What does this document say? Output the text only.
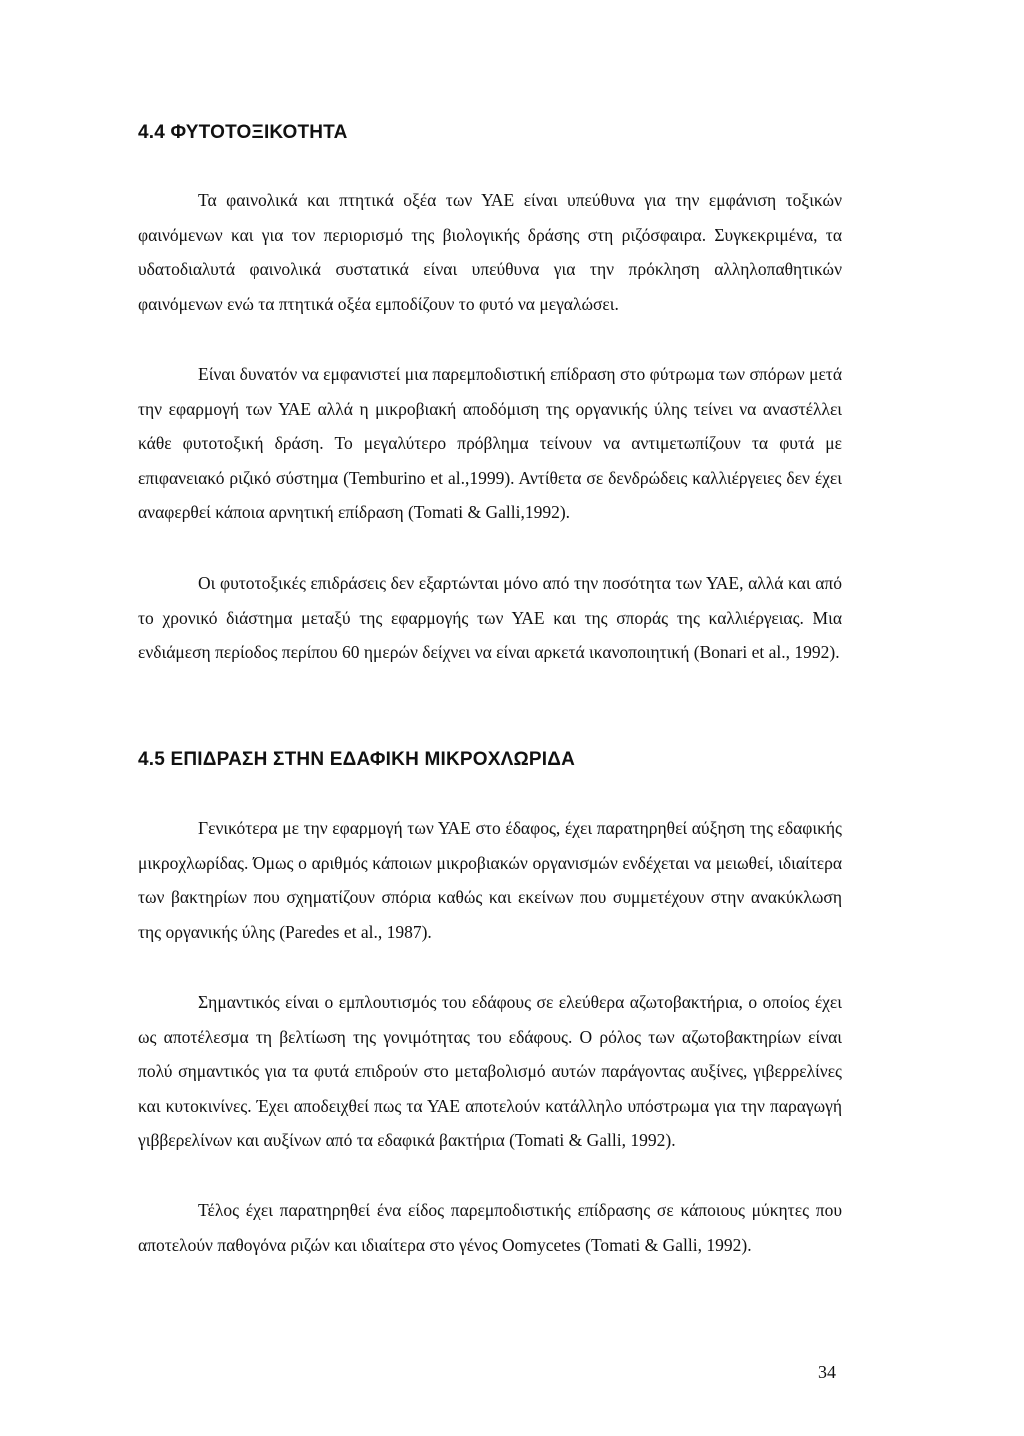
4.4 ΦΥΤΟΤΟΞΙΚΟΤΗΤΑ

Τα φαινολικά και πτητικά οξέα των ΥΑΕ είναι υπεύθυνα για την εμφάνιση τοξικών φαινόμενων και για τον περιορισμό της βιολογικής δράσης στη ριζόσφαιρα. Συγκεκριμένα, τα υδατοδιαλυτά φαινολικά συστατικά είναι υπεύθυνα για την πρόκληση αλληλοπαθητικών φαινόμενων ενώ τα πτητικά οξέα εμποδίζουν το φυτό να μεγαλώσει.

Είναι δυνατόν να εμφανιστεί μια παρεμποδιστική επίδραση στο φύτρωμα των σπόρων μετά την εφαρμογή των ΥΑΕ αλλά η μικροβιακή αποδόμιση της οργανικής ύλης τείνει να αναστέλλει κάθε φυτοτοξική δράση. Το μεγαλύτερο πρόβλημα τείνουν να αντιμετωπίζουν τα φυτά με επιφανειακό ριζικό σύστημα (Temburino et al.,1999). Αντίθετα σε δενδρώδεις καλλιέργειες δεν έχει αναφερθεί κάποια αρνητική επίδραση (Tomati & Galli,1992).

Οι φυτοτοξικές επιδράσεις δεν εξαρτώνται μόνο από την ποσότητα των ΥΑΕ, αλλά και από το χρονικό διάστημα μεταξύ της εφαρμογής των ΥΑΕ και της σποράς της καλλιέργειας. Μια ενδιάμεση περίοδος περίπου 60 ημερών δείχνει να είναι αρκετά ικανοποιητική (Bonari et al., 1992).

4.5 ΕΠΙΔΡΑΣΗ ΣΤΗΝ ΕΔΑΦΙΚΗ ΜΙΚΡΟΧΛΩΡΙΔΑ

Γενικότερα με την εφαρμογή των ΥΑΕ στο έδαφος, έχει παρατηρηθεί αύξηση της εδαφικής μικροχλωρίδας. Όμως ο αριθμός κάποιων μικροβιακών οργανισμών ενδέχεται να μειωθεί, ιδιαίτερα των βακτηρίων που σχηματίζουν σπόρια καθώς και εκείνων που συμμετέχουν στην ανακύκλωση της οργανικής ύλης (Paredes et al., 1987).

Σημαντικός είναι ο εμπλουτισμός του εδάφους σε ελεύθερα αζωτοβακτήρια, ο οποίος έχει ως αποτέλεσμα τη βελτίωση της γονιμότητας του εδάφους. Ο ρόλος των αζωτοβακτηρίων είναι πολύ σημαντικός για τα φυτά επιδρούν στο μεταβολισμό αυτών παράγοντας αυξίνες, γιβερρελίνες και κυτοκινίνες. Έχει αποδειχθεί πως τα ΥΑΕ αποτελούν κατάλληλο υπόστρωμα για την παραγωγή γιββερελίνων και αυξίνων από τα εδαφικά βακτήρια (Tomati & Galli, 1992).

Τέλος έχει παρατηρηθεί ένα είδος παρεμποδιστικής επίδρασης σε κάποιους μύκητες που αποτελούν παθογόνα ριζών και ιδιαίτερα στο γένος Oomycetes (Tomati & Galli, 1992).

34
